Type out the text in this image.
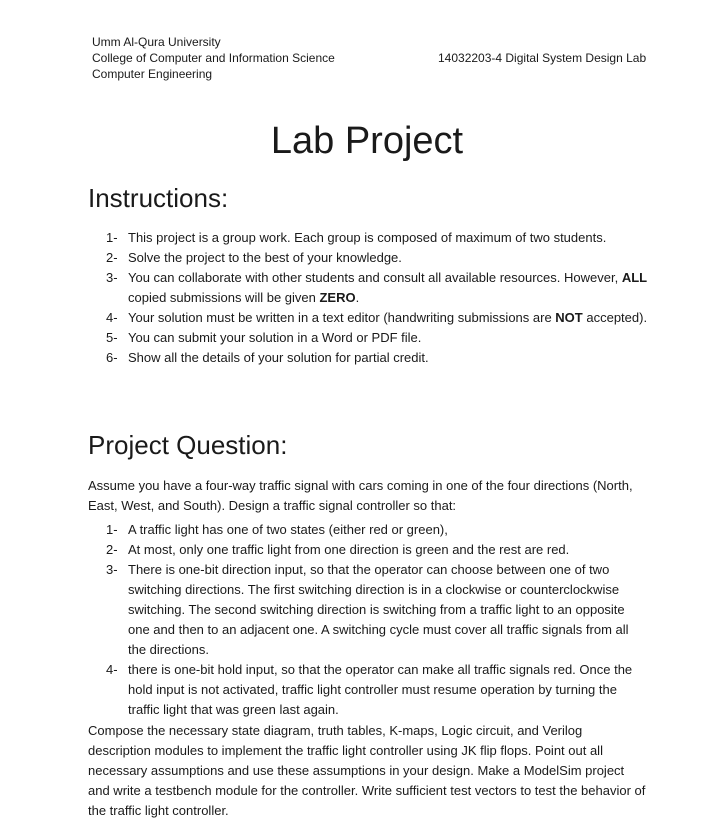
Umm Al-Qura University
College of Computer and Information Science
Computer Engineering
14032203-4 Digital System Design Lab
Lab Project
Instructions:
1- This project is a group work. Each group is composed of maximum of two students.
2- Solve the project to the best of your knowledge.
3- You can collaborate with other students and consult all available resources. However, ALL copied submissions will be given ZERO.
4- Your solution must be written in a text editor (handwriting submissions are NOT accepted).
5- You can submit your solution in a Word or PDF file.
6- Show all the details of your solution for partial credit.
Project Question:
Assume you have a four-way traffic signal with cars coming in one of the four directions (North, East, West, and South). Design a traffic signal controller so that:
1- A traffic light has one of two states (either red or green),
2- At most, only one traffic light from one direction is green and the rest are red.
3- There is one-bit direction input, so that the operator can choose between one of two switching directions. The first switching direction is in a clockwise or counterclockwise switching. The second switching direction is switching from a traffic light to an opposite one and then to an adjacent one. A switching cycle must cover all traffic signals from all the directions.
4- there is one-bit hold input, so that the operator can make all traffic signals red. Once the hold input is not activated, traffic light controller must resume operation by turning the traffic light that was green last again.
Compose the necessary state diagram, truth tables, K-maps, Logic circuit, and Verilog description modules to implement the traffic light controller using JK flip flops. Point out all necessary assumptions and use these assumptions in your design. Make a ModelSim project and write a testbench module for the controller. Write sufficient test vectors to test the behavior of the traffic light controller.
